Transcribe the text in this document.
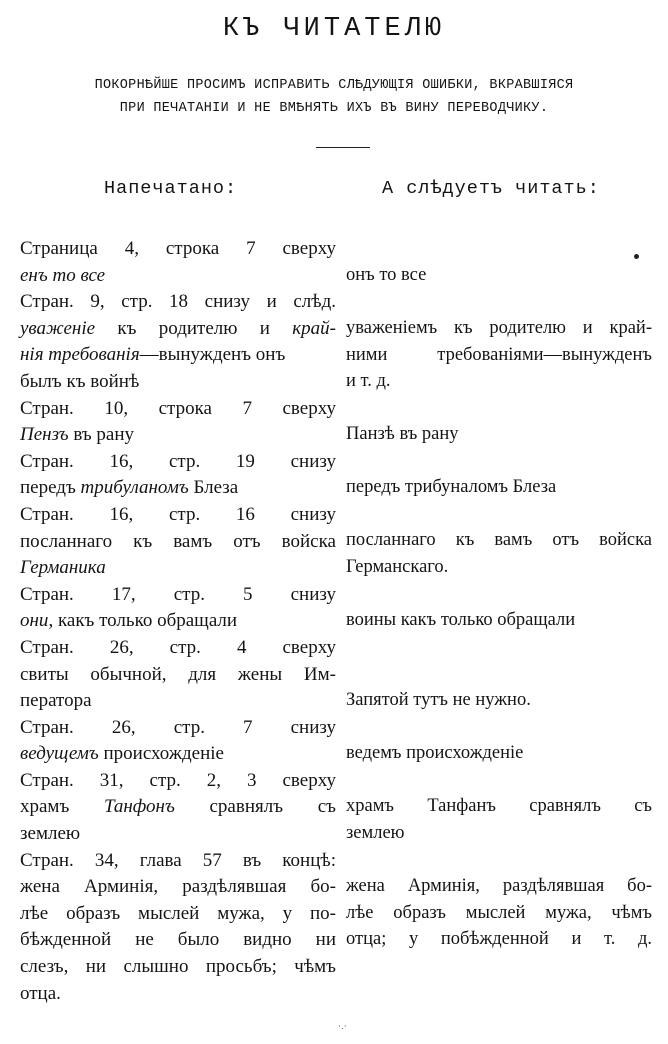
КЪ ЧИТАТЕЛЮ
ПОКОРНѢЙШЕ ПРОСИМЪ ИСПРАВИТЬ СЛѢДУЮЩІЯ ОШИБКИ, ВКРАВШІЯСЯ
ПРИ ПЕЧАТАНІИ И НЕ ВМѢНЯТЬ ИХЪ ВЪ ВИНУ ПЕРЕВОДЧИКУ.
Напечатано:	А слѣдуетъ читать:
Страница 4, строка 7 сверху
енъ то все
Стран. 9, стр. 18 снизу и слѣд.
уваженіе къ родителю и край-
нія требованія—вынужденъ онъ
былъ къ войнѣ
Стран. 10, строка 7 сверху
Пензъ въ рану
Стран. 16, стр. 19 снизу
передъ трибуланомъ Блеза
Стран. 16, стр. 16 снизу
посланнаго къ вамъ отъ войска
Германика
Стран. 17, стр. 5 снизу
они, какъ только обращали
Стран. 26, стр. 4 сверху
свиты обычной, для жены Им-
ператора
Стран. 26, стр. 7 снизу
ведущемъ происхожденіе
Стран. 31, стр. 2, 3 сверху
храмъ Танфонъ сравнялъ съ
землею
Стран. 34, глава 57 въ концѣ:
жена Арминія, раздѣлявшая бо-
лѣе образъ мыслей мужа, у по-
бѣжденной не было видно ни
слезъ, ни слышно просьбъ; чѣмъ
отца.
онъ то все
уваженіемъ къ родителю и край-
ними требованіями—вынужденъ
и т. д.
Панзѣ въ рану
передъ трибуналомъ Блеза
посланнаго къ вамъ отъ войска
Германскаго.
воины какъ только обращали
Запятой тутъ не нужно.
ведемъ происхожденіе
храмъ Танфанъ сравнялъ съ
землею
жена Арминія, раздѣлявшая бо-
лѣе образъ мыслей мужа, чѣмъ
отца; у побѣжденной и т. д.
·.·
